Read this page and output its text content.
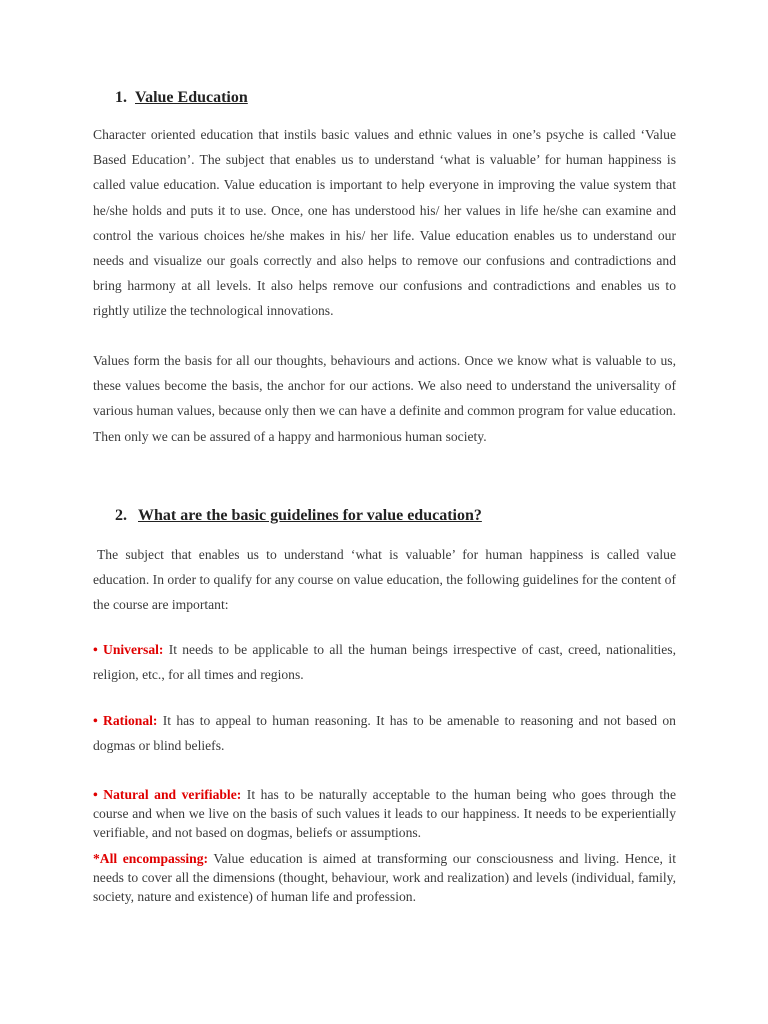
1. Value Education

Character oriented education that instils basic values and ethnic values in one’s psyche is called ‘Value Based Education’. The subject that enables us to understand ‘what is valuable’ for human happiness is called value education. Value education is important to help everyone in improving the value system that he/she holds and puts it to use. Once, one has understood his/ her values in life he/she can examine and control the various choices he/she makes in his/ her life. Value education enables us to understand our needs and visualize our goals correctly and also helps to remove our confusions and contradictions and bring harmony at all levels. It also helps remove our confusions and contradictions and enables us to rightly utilize the technological innovations.

Values form the basis for all our thoughts, behaviours and actions. Once we know what is valuable to us, these values become the basis, the anchor for our actions. We also need to understand the universality of various human values, because only then we can have a definite and common program for value education. Then only we can be assured of a happy and harmonious human society.

2. What are the basic guidelines for value education?

The subject that enables us to understand ‘what is valuable’ for human happiness is called value education. In order to qualify for any course on value education, the following guidelines for the content of the course are important:

• Universal: It needs to be applicable to all the human beings irrespective of cast, creed, nationalities, religion, etc., for all times and regions.

• Rational: It has to appeal to human reasoning. It has to be amenable to reasoning and not based on dogmas or blind beliefs.

• Natural and verifiable: It has to be naturally acceptable to the human being who goes through the course and when we live on the basis of such values it leads to our happiness. It needs to be experientially verifiable, and not based on dogmas, beliefs or assumptions.

*All encompassing: Value education is aimed at transforming our consciousness and living. Hence, it needs to cover all the dimensions (thought, behaviour, work and realization) and levels (individual, family, society, nature and existence) of human life and profession.
